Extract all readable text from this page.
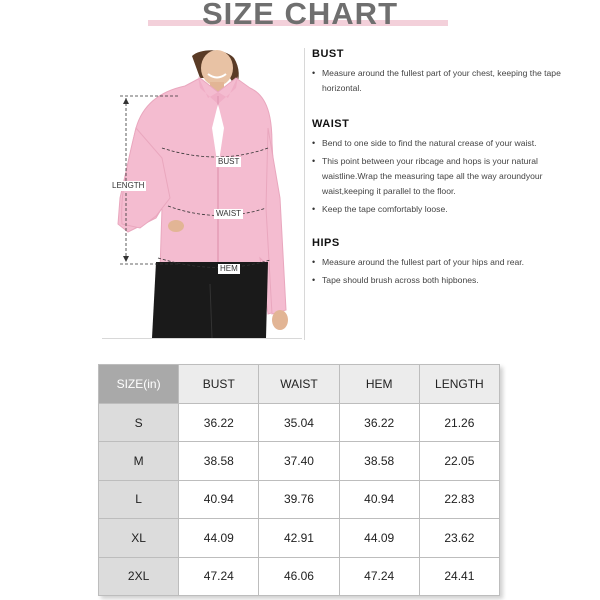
SIZE CHART
BUST
WAIST
HEM
LENGTH
BUST
• Measure around the fullest part of your chest, keeping the tape horizontal.
WAIST
• Bend to one side to find the natural crease of your waist.
• This point between your ribcage and hops is your natural waistline.Wrap the measuring tape all the way aroundyour waist,keeping it parallel to the floor.
• Keep the tape comfortably loose.
HIPS
• Measure around the fullest part of your hips and rear.
• Tape should brush across both hipbones.
SIZE(in)	BUST	WAIST	HEM	LENGTH
S	36.22	35.04	36.22	21.26
M	38.58	37.40	38.58	22.05
L	40.94	39.76	40.94	22.83
XL	44.09	42.91	44.09	23.62
2XL	47.24	46.06	47.24	24.41
